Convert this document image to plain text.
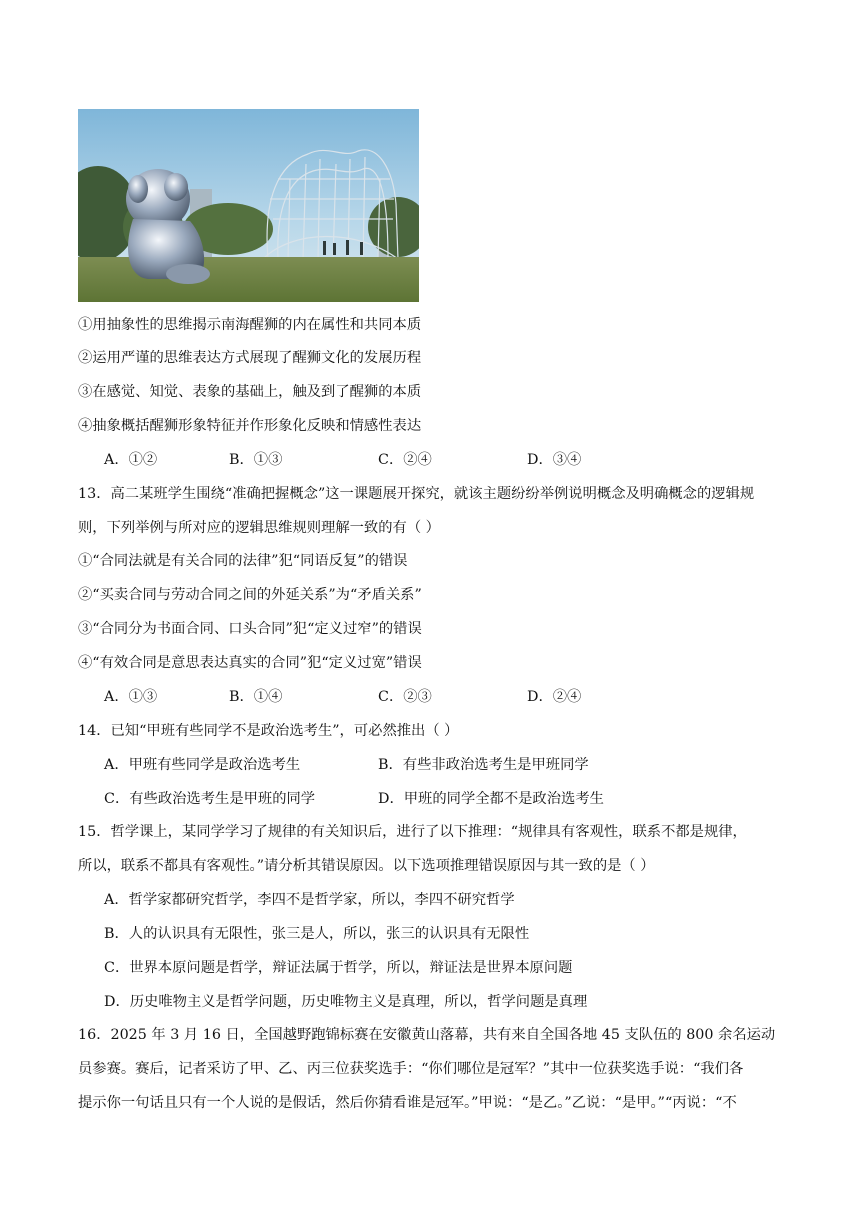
①用抽象性的思维揭示南海醒狮的内在属性和共同本质
②运用严谨的思维表达方式展现了醒狮文化的发展历程
③在感觉、知觉、表象的基础上，触及到了醒狮的本质
④抽象概括醒狮形象特征并作形象化反映和情感性表达
A．①②	B．①③	C．②④	D．③④
13．高二某班学生围绕“准确把握概念”这一课题展开探究，就该主题纷纷举例说明概念及明确概念的逻辑规
则，下列举例与所对应的逻辑思维规则理解一致的有（ ）
①“合同法就是有关合同的法律”犯“同语反复”的错误
②“买卖合同与劳动合同之间的外延关系”为“矛盾关系”
③“合同分为书面合同、口头合同”犯“定义过窄”的错误
④“有效合同是意思表达真实的合同”犯“定义过宽”错误
A．①③	B．①④	C．②③	D．②④
14．已知“甲班有些同学不是政治选考生”，可必然推出（ ）
A．甲班有些同学是政治选考生	B．有些非政治选考生是甲班同学
C．有些政治选考生是甲班的同学	D．甲班的同学全都不是政治选考生
15．哲学课上，某同学学习了规律的有关知识后，进行了以下推理：“规律具有客观性，联系不都是规律，
所以，联系不都具有客观性。”请分析其错误原因。以下选项推理错误原因与其一致的是（ ）
A．哲学家都研究哲学，李四不是哲学家，所以，李四不研究哲学
B．人的认识具有无限性，张三是人，所以，张三的认识具有无限性
C．世界本原问题是哲学，辩证法属于哲学，所以，辩证法是世界本原问题
D．历史唯物主义是哲学问题，历史唯物主义是真理，所以，哲学问题是真理
16．2025 年 3 月 16 日，全国越野跑锦标赛在安徽黄山落幕，共有来自全国各地 45 支队伍的 800 余名运动
员参赛。赛后，记者采访了甲、乙、丙三位获奖选手：“你们哪位是冠军？”其中一位获奖选手说：“我们各
提示你一句话且只有一个人说的是假话，然后你猜看谁是冠军。”甲说：“是乙。”乙说：“是甲。”“丙说：“不
